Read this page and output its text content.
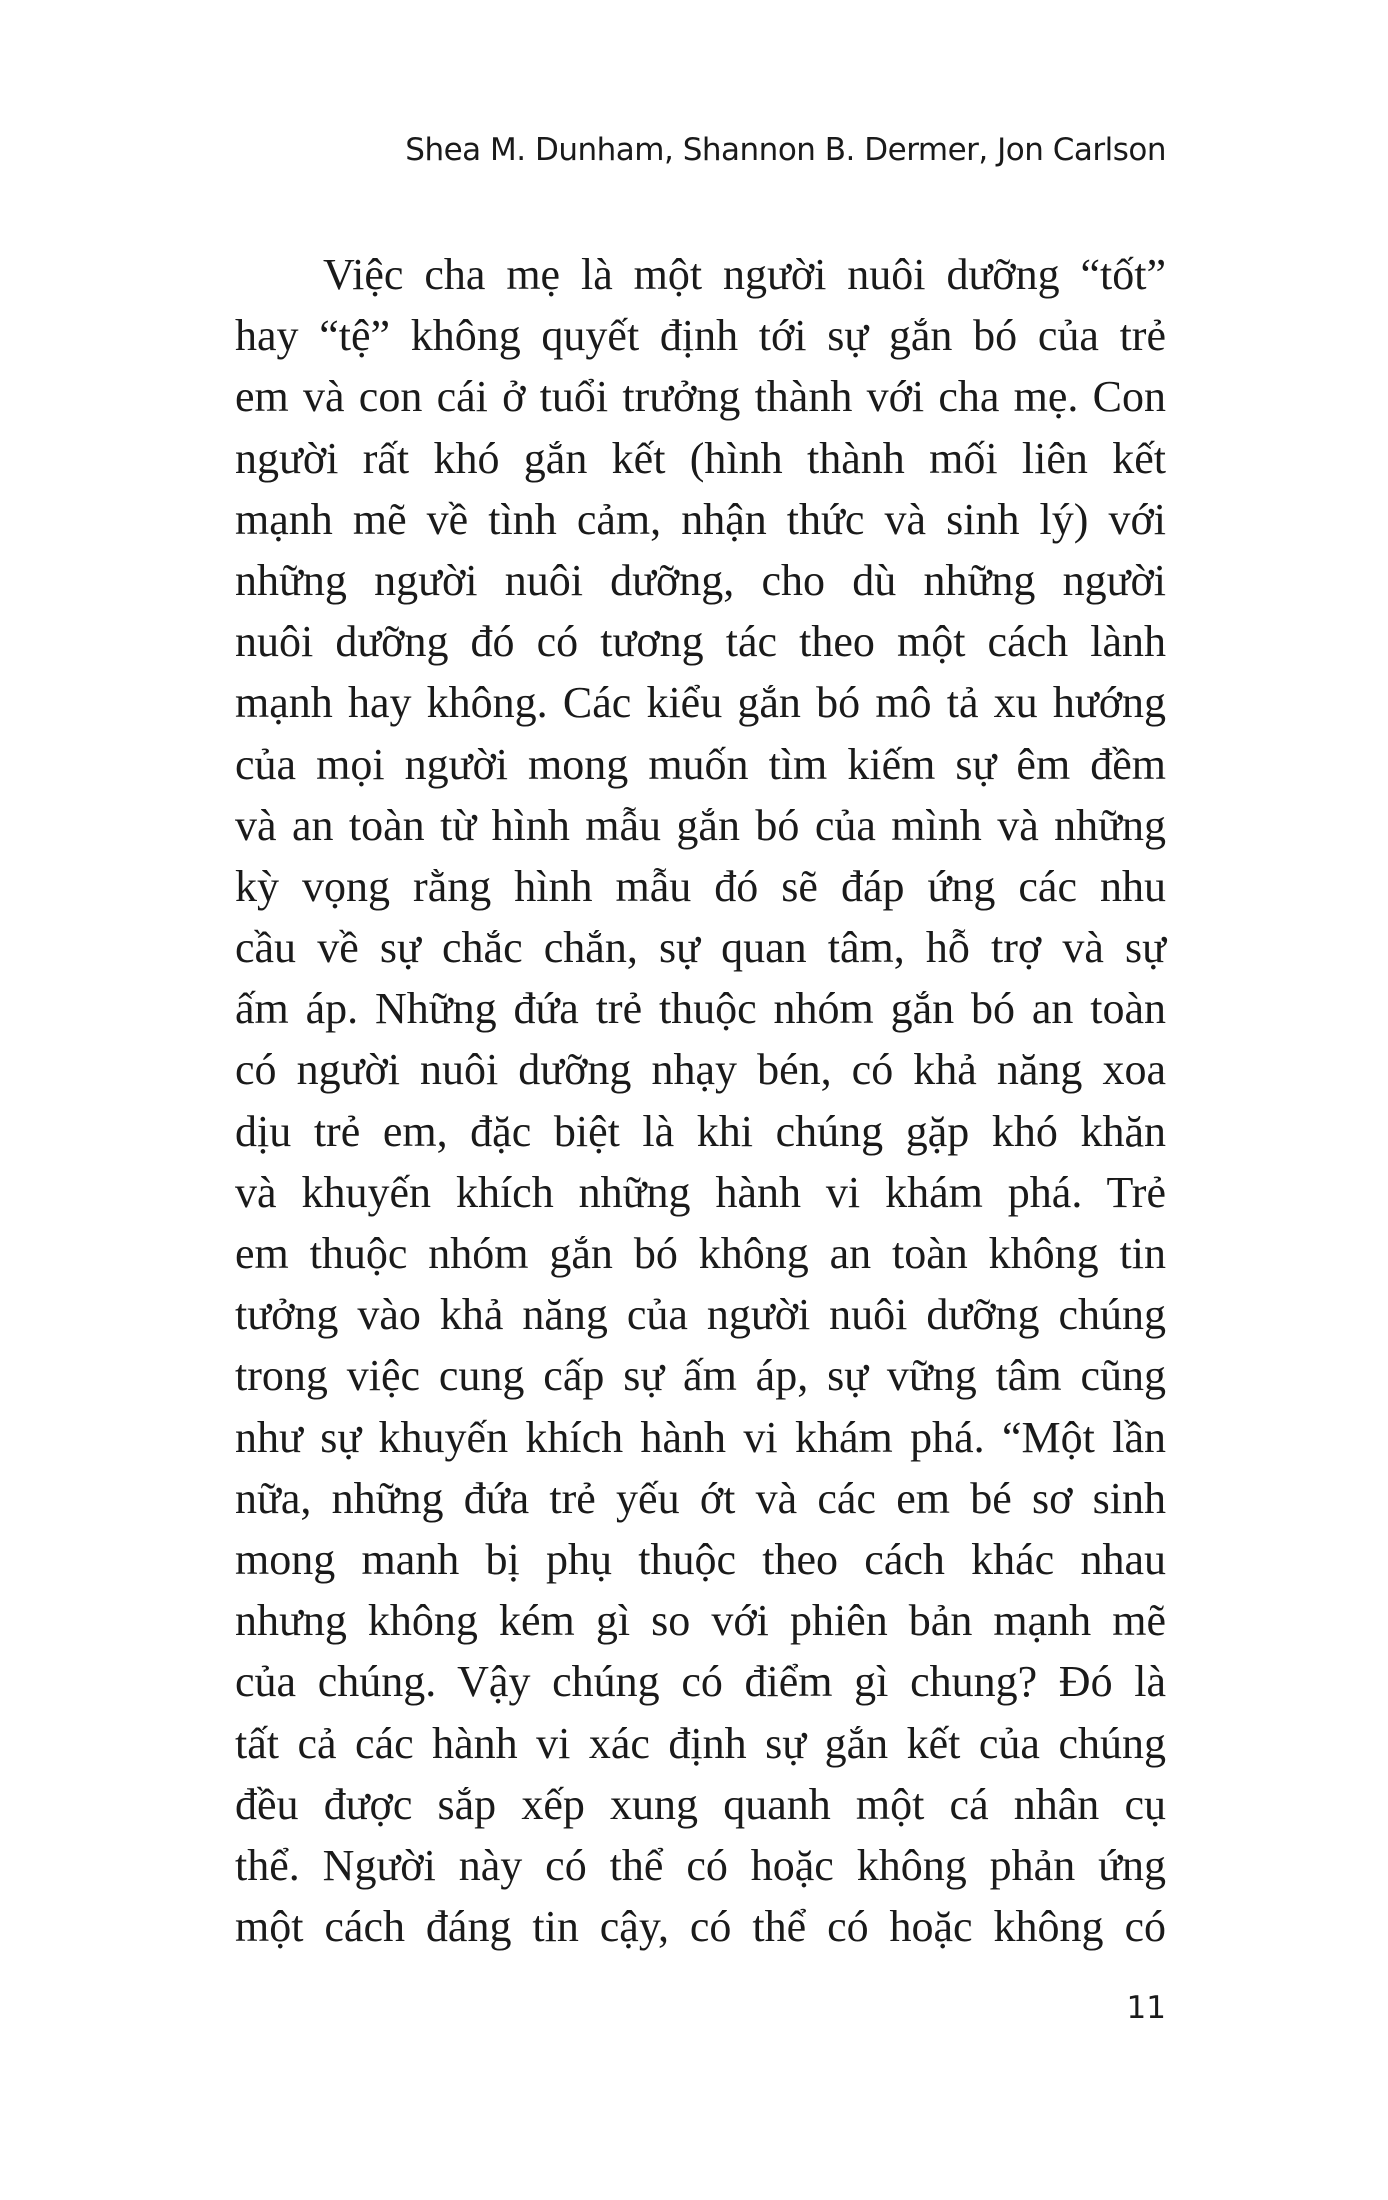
Shea M. Dunham, Shannon B. Dermer, Jon Carlson
Việc cha mẹ là một người nuôi dưỡng “tốt”
hay “tệ” không quyết định tới sự gắn bó của trẻ
em và con cái ở tuổi trưởng thành với cha mẹ. Con
người rất khó gắn kết (hình thành mối liên kết
mạnh mẽ về tình cảm, nhận thức và sinh lý) với
những người nuôi dưỡng, cho dù những người
nuôi dưỡng đó có tương tác theo một cách lành
mạnh hay không. Các kiểu gắn bó mô tả xu hướng
của mọi người mong muốn tìm kiếm sự êm đềm
và an toàn từ hình mẫu gắn bó của mình và những
kỳ vọng rằng hình mẫu đó sẽ đáp ứng các nhu
cầu về sự chắc chắn, sự quan tâm, hỗ trợ và sự
ấm áp. Những đứa trẻ thuộc nhóm gắn bó an toàn
có người nuôi dưỡng nhạy bén, có khả năng xoa
dịu trẻ em, đặc biệt là khi chúng gặp khó khăn
và khuyến khích những hành vi khám phá. Trẻ
em thuộc nhóm gắn bó không an toàn không tin
tưởng vào khả năng của người nuôi dưỡng chúng
trong việc cung cấp sự ấm áp, sự vững tâm cũng
như sự khuyến khích hành vi khám phá. “Một lần
nữa, những đứa trẻ yếu ớt và các em bé sơ sinh
mong manh bị phụ thuộc theo cách khác nhau
nhưng không kém gì so với phiên bản mạnh mẽ
của chúng. Vậy chúng có điểm gì chung? Đó là
tất cả các hành vi xác định sự gắn kết của chúng
đều được sắp xếp xung quanh một cá nhân cụ
thể. Người này có thể có hoặc không phản ứng
một cách đáng tin cậy, có thể có hoặc không có
11
